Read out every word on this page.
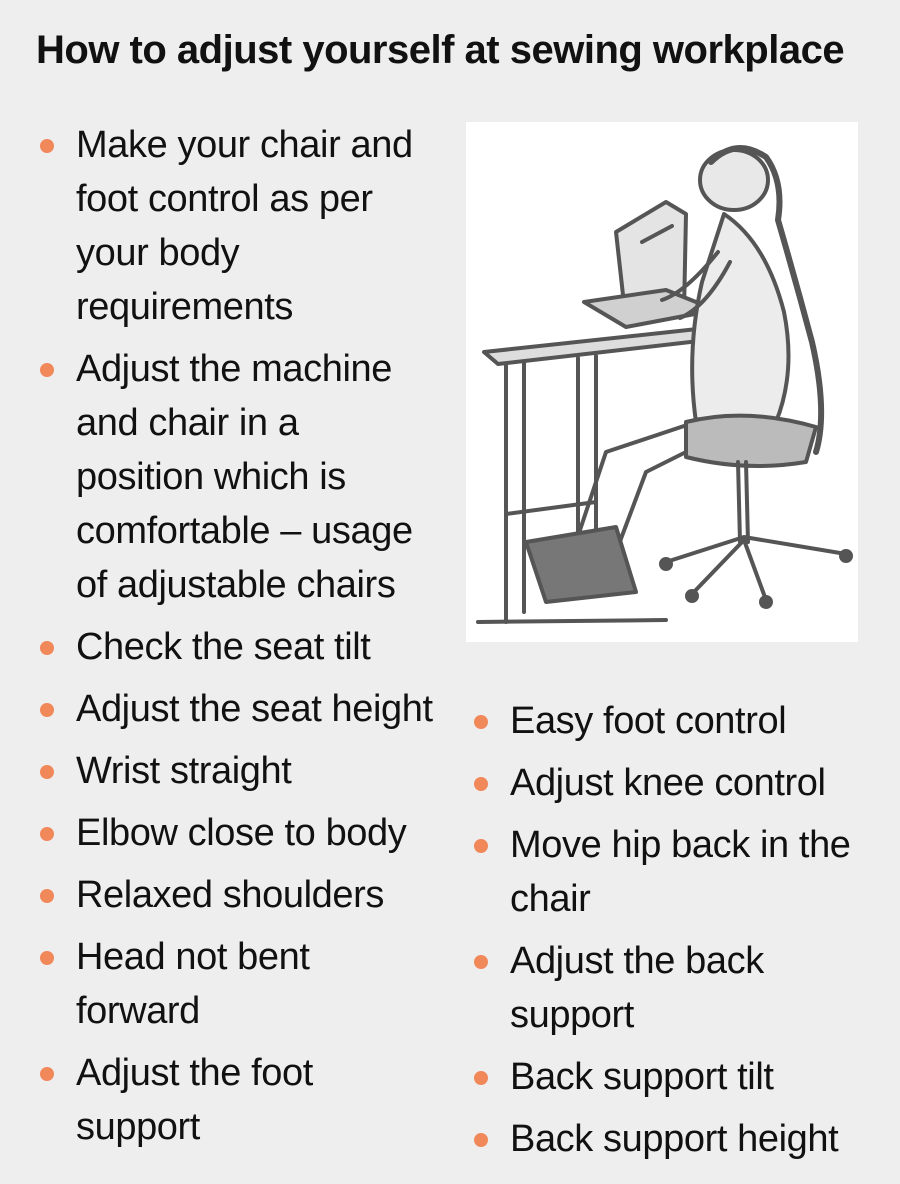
How to adjust yourself at sewing workplace
Make your chair and foot control as per your body requirements
Adjust the machine and chair in a position which is comfortable – usage of adjustable chairs
Check the seat tilt
Adjust the seat height
Wrist straight
Elbow close to body
Relaxed shoulders
Head not bent forward
Adjust the foot support
Easy foot control
Adjust knee control
Move hip back in the chair
Adjust the back support
Back support tilt
Back support height
